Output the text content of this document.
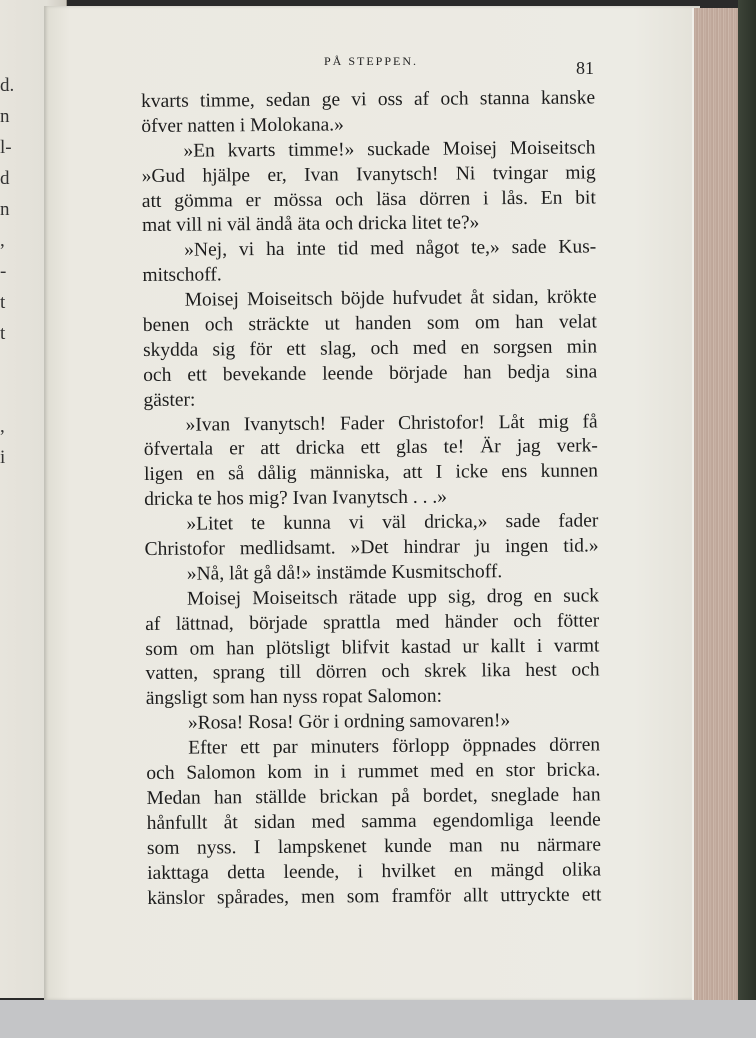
d.
n
l-
d
n
,
-
t
t
,
i
PÅ STEPPEN.	81
kvarts timme, sedan ge vi oss af och stanna kanske
öfver natten i Molokana.»
»En kvarts timme!» suckade Moisej Moiseitsch
»Gud hjälpe er, Ivan Ivanytsch! Ni tvingar mig
att gömma er mössa och läsa dörren i lås. En bit
mat vill ni väl ändå äta och dricka litet te?»
»Nej, vi ha inte tid med något te,» sade Kus-
mitschoff.
Moisej Moiseitsch böjde hufvudet åt sidan, krökte
benen och sträckte ut handen som om han velat
skydda sig för ett slag, och med en sorgsen min
och ett bevekande leende började han bedja sina
gäster:
»Ivan Ivanytsch! Fader Christofor! Låt mig få
öfvertala er att dricka ett glas te! Är jag verk-
ligen en så dålig människa, att I icke ens kunnen
dricka te hos mig? Ivan Ivanytsch . . .»
»Litet te kunna vi väl dricka,» sade fader
Christofor medlidsamt. »Det hindrar ju ingen tid.»
»Nå, låt gå då!» instämde Kusmitschoff.
Moisej Moiseitsch rätade upp sig, drog en suck
af lättnad, började sprattla med händer och fötter
som om han plötsligt blifvit kastad ur kallt i varmt
vatten, sprang till dörren och skrek lika hest och
ängsligt som han nyss ropat Salomon:
»Rosa! Rosa! Gör i ordning samovaren!»
Efter ett par minuters förlopp öppnades dörren
och Salomon kom in i rummet med en stor bricka.
Medan han ställde brickan på bordet, sneglade han
hånfullt åt sidan med samma egendomliga leende
som nyss. I lampskenet kunde man nu närmare
iakttaga detta leende, i hvilket en mängd olika
känslor spårades, men som framför allt uttryckte ett
